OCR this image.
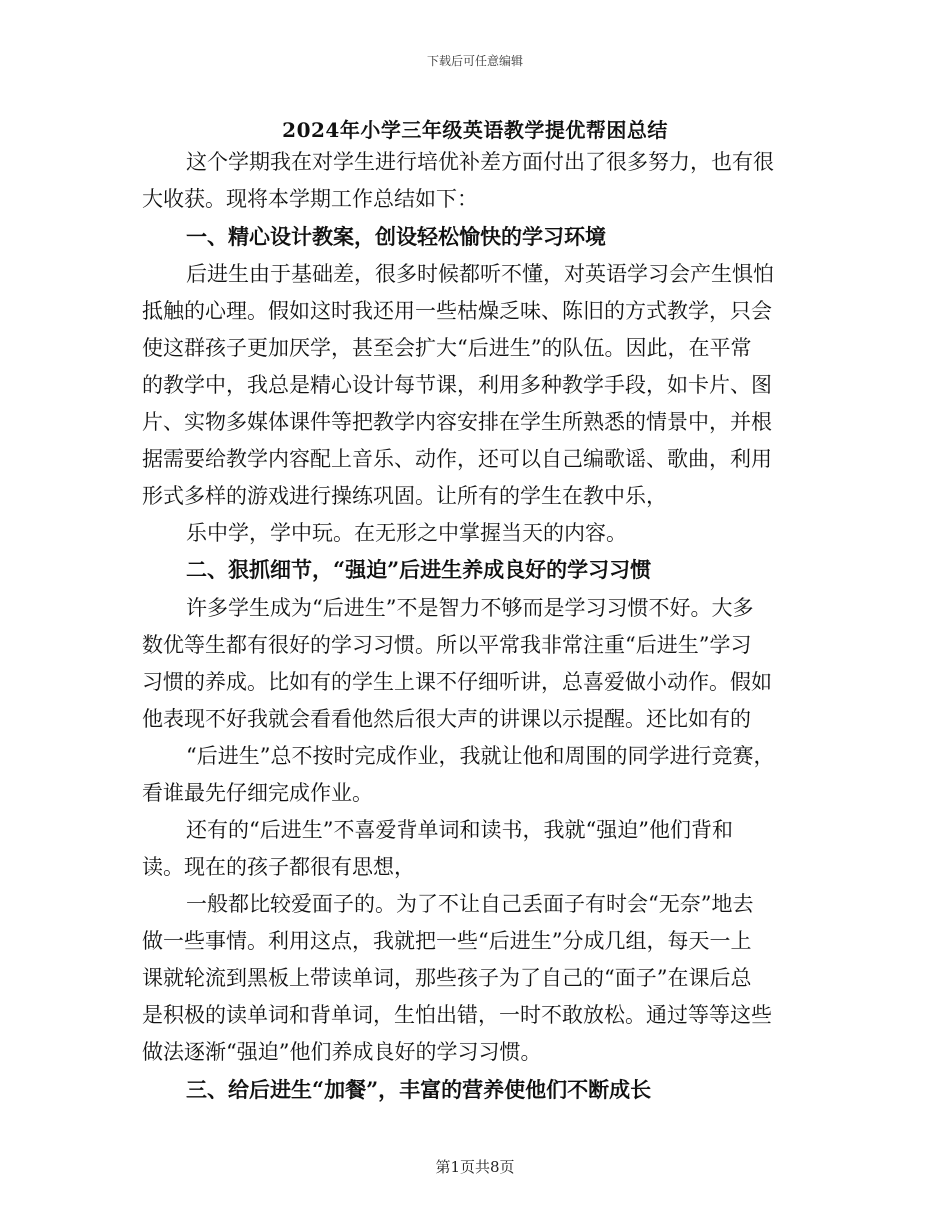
下载后可任意编辑
2024年小学三年级英语教学提优帮困总结
这个学期我在对学生进行培优补差方面付出了很多努力，也有很
大收获。现将本学期工作总结如下：
一、精心设计教案，创设轻松愉快的学习环境
后进生由于基础差，很多时候都听不懂，对英语学习会产生惧怕
抵触的心理。假如这时我还用一些枯燥乏味、陈旧的方式教学，只会
使这群孩子更加厌学，甚至会扩大“后进生”的队伍。因此，在平常
的教学中，我总是精心设计每节课，利用多种教学手段，如卡片、图
片、实物多媒体课件等把教学内容安排在学生所熟悉的情景中，并根
据需要给教学内容配上音乐、动作，还可以自己编歌谣、歌曲，利用
形式多样的游戏进行操练巩固。让所有的学生在教中乐，
乐中学，学中玩。在无形之中掌握当天的内容。
二、狠抓细节，“强迫”后进生养成良好的学习习惯
许多学生成为“后进生”不是智力不够而是学习习惯不好。大多
数优等生都有很好的学习习惯。所以平常我非常注重“后进生”学习
习惯的养成。比如有的学生上课不仔细听讲，总喜爱做小动作。假如
他表现不好我就会看看他然后很大声的讲课以示提醒。还比如有的
“后进生”总不按时完成作业，我就让他和周围的同学进行竞赛，
看谁最先仔细完成作业。
还有的“后进生”不喜爱背单词和读书，我就“强迫”他们背和
读。现在的孩子都很有思想，
一般都比较爱面子的。为了不让自己丢面子有时会“无奈”地去
做一些事情。利用这点，我就把一些“后进生”分成几组，每天一上
课就轮流到黑板上带读单词，那些孩子为了自己的“面子”在课后总
是积极的读单词和背单词，生怕出错，一时不敢放松。通过等等这些
做法逐渐“强迫”他们养成良好的学习习惯。
三、给后进生“加餐”，丰富的营养使他们不断成长
第1页共8页
